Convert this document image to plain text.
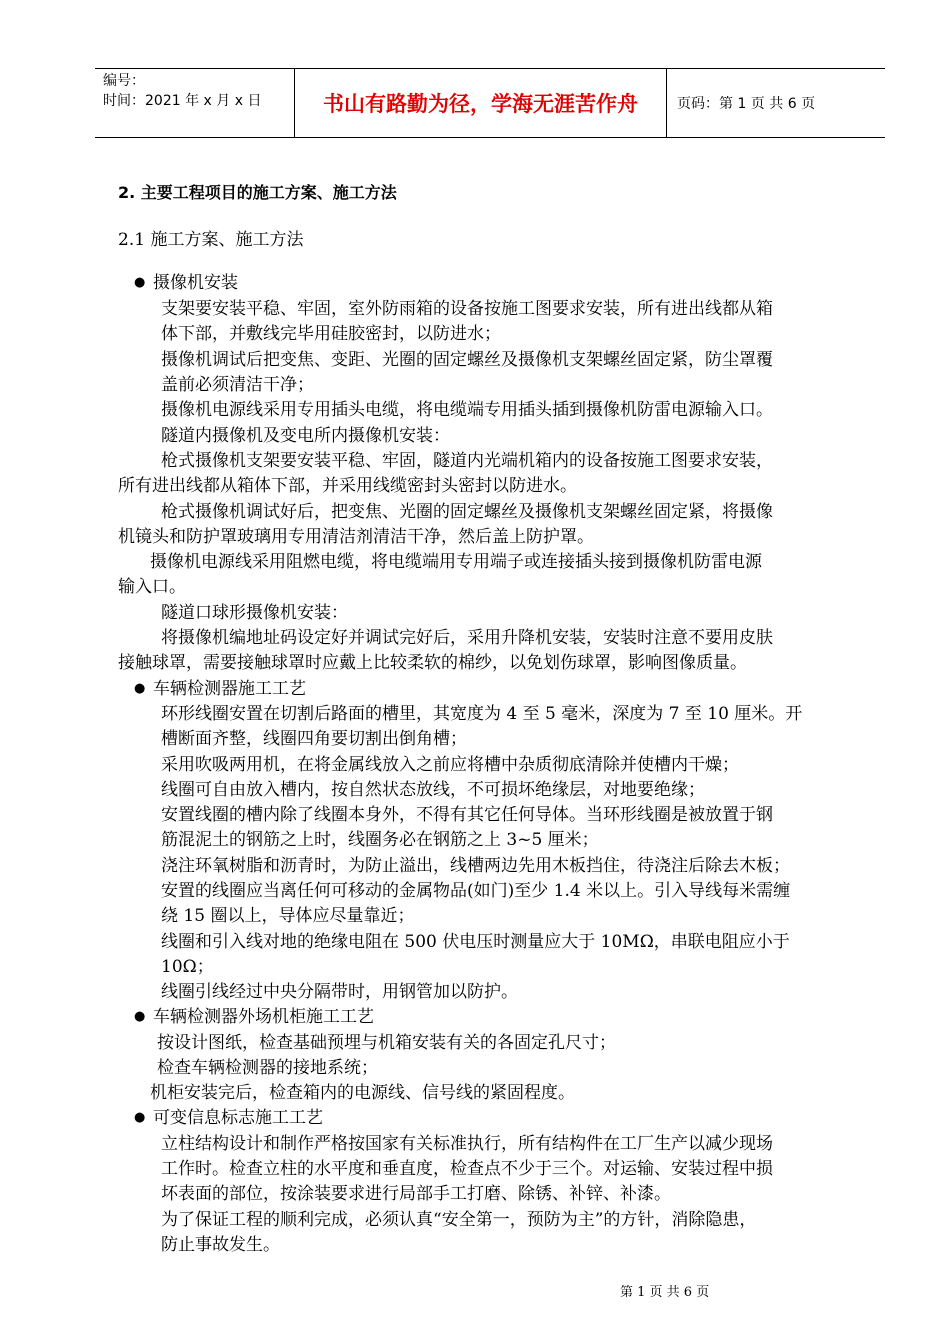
编号：
时间：2021 年 x 月 x 日	书山有路勤为径，学海无涯苦作舟	页码：第 1 页 共 6 页
2. 主要工程项目的施工方案、施工方法
2.1 施工方案、施工方法
● 摄像机安装
支架要安装平稳、牢固，室外防雨箱的设备按施工图要求安装，所有进出线都从箱
体下部，并敷线完毕用硅胶密封，以防进水；
摄像机调试后把变焦、变距、光圈的固定螺丝及摄像机支架螺丝固定紧，防尘罩覆
盖前必须清洁干净；
摄像机电源线采用专用插头电缆，将电缆端专用插头插到摄像机防雷电源输入口。
隧道内摄像机及变电所内摄像机安装：
枪式摄像机支架要安装平稳、牢固，隧道内光端机箱内的设备按施工图要求安装，
所有进出线都从箱体下部，并采用线缆密封头密封以防进水。
枪式摄像机调试好后，把变焦、光圈的固定螺丝及摄像机支架螺丝固定紧，将摄像
机镜头和防护罩玻璃用专用清洁剂清洁干净，然后盖上防护罩。
摄像机电源线采用阻燃电缆，将电缆端用专用端子或连接插头接到摄像机防雷电源
输入口。
隧道口球形摄像机安装：
将摄像机编地址码设定好并调试完好后，采用升降机安装，安装时注意不要用皮肤
接触球罩，需要接触球罩时应戴上比较柔软的棉纱，以免划伤球罩，影响图像质量。
● 车辆检测器施工工艺
环形线圈安置在切割后路面的槽里，其宽度为 4 至 5 毫米，深度为 7 至 10 厘米。开
槽断面齐整，线圈四角要切割出倒角槽；
采用吹吸两用机，在将金属线放入之前应将槽中杂质彻底清除并使槽内干燥；
线圈可自由放入槽内，按自然状态放线，不可损坏绝缘层，对地要绝缘；
安置线圈的槽内除了线圈本身外，不得有其它任何导体。当环形线圈是被放置于钢
筋混泥土的钢筋之上时，线圈务必在钢筋之上 3~5 厘米；
浇注环氧树脂和沥青时，为防止溢出，线槽两边先用木板挡住，待浇注后除去木板；
安置的线圈应当离任何可移动的金属物品(如门)至少 1.4 米以上。引入导线每米需缠
绕 15 圈以上，导体应尽量靠近；
线圈和引入线对地的绝缘电阻在 500 伏电压时测量应大于 10MΩ，串联电阻应小于
10Ω；
线圈引线经过中央分隔带时，用钢管加以防护。
● 车辆检测器外场机柜施工工艺
按设计图纸，检查基础预埋与机箱安装有关的各固定孔尺寸；
检查车辆检测器的接地系统；
机柜安装完后，检查箱内的电源线、信号线的紧固程度。
● 可变信息标志施工工艺
立柱结构设计和制作严格按国家有关标准执行，所有结构件在工厂生产以减少现场
工作时。检查立柱的水平度和垂直度，检查点不少于三个。对运输、安装过程中损
坏表面的部位，按涂装要求进行局部手工打磨、除锈、补锌、补漆。
为了保证工程的顺利完成，必须认真“安全第一，预防为主”的方针，消除隐患，
防止事故发生。
第 1 页 共 6 页
